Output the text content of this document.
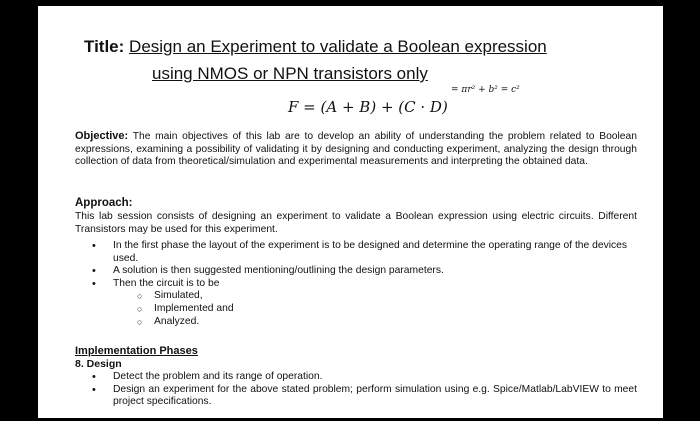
Title: Design an Experiment to validate a Boolean expression
using NMOS or NPN transistors only
= πr² + b² = c²
F = (A + B) + (C · D)
Objective: The main objectives of this lab are to develop an ability of understanding the problem related to Boolean expressions, examining a possibility of validating it by designing and conducting experiment, analyzing the design through collection of data from theoretical/simulation and experimental measurements and interpreting the obtained data.
Approach:
This lab session consists of designing an experiment to validate a Boolean expression using electric circuits. Different Transistors may be used for this experiment.
• In the first phase the layout of the experiment is to be designed and determine the operating range of the devices used.
• A solution is then suggested mentioning/outlining the design parameters.
• Then the circuit is to be
○ Simulated,
○ Implemented and
○ Analyzed.
Implementation Phases
8. Design
• Detect the problem and its range of operation.
• Design an experiment for the above stated problem; perform simulation using e.g. Spice/Matlab/LabVIEW to meet project specifications.
